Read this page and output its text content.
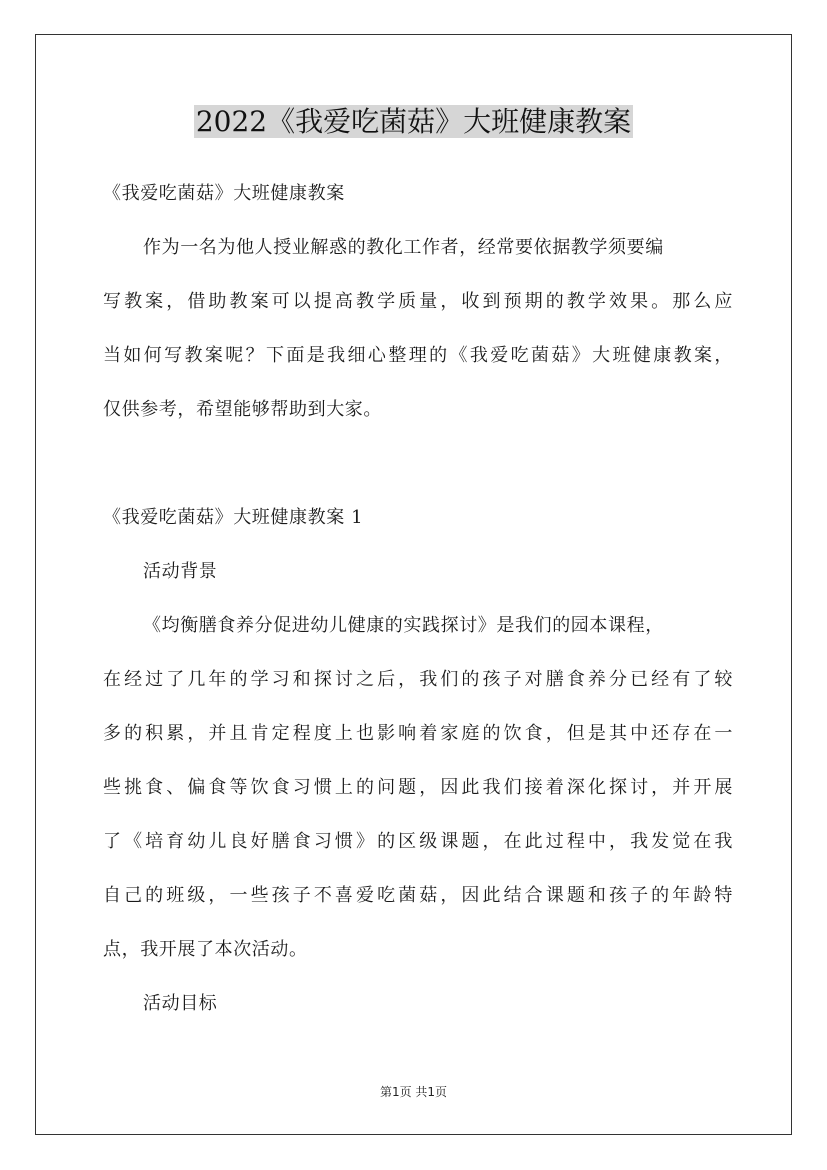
2022《我爱吃菌菇》大班健康教案
《我爱吃菌菇》大班健康教案
作为一名为他人授业解惑的教化工作者，经常要依据教学须要编
写教案，借助教案可以提高教学质量，收到预期的教学效果。那么应
当如何写教案呢？下面是我细心整理的《我爱吃菌菇》大班健康教案，
仅供参考，希望能够帮助到大家。
《我爱吃菌菇》大班健康教案 1
活动背景
《均衡膳食养分促进幼儿健康的实践探讨》是我们的园本课程，
在经过了几年的学习和探讨之后，我们的孩子对膳食养分已经有了较
多的积累，并且肯定程度上也影响着家庭的饮食，但是其中还存在一
些挑食、偏食等饮食习惯上的问题，因此我们接着深化探讨，并开展
了《培育幼儿良好膳食习惯》的区级课题，在此过程中，我发觉在我
自己的班级，一些孩子不喜爱吃菌菇，因此结合课题和孩子的年龄特
点，我开展了本次活动。
活动目标
第1页 共1页
